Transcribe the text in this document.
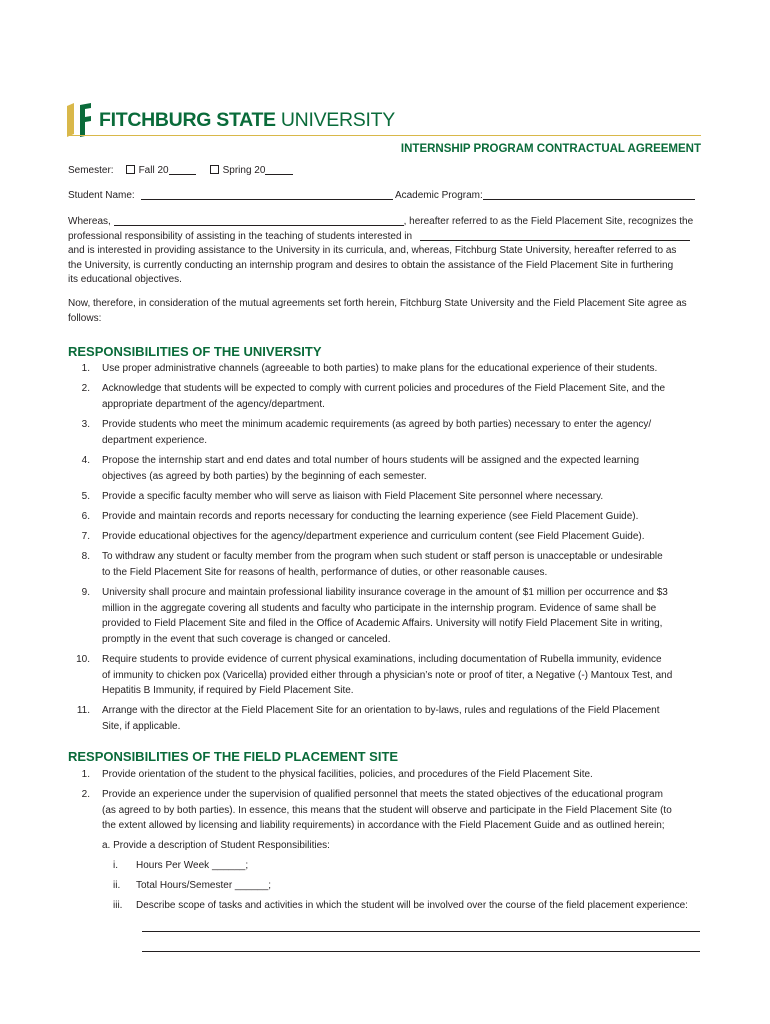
FITCHBURG STATE UNIVERSITY
INTERNSHIP PROGRAM CONTRACTUAL AGREEMENT
Semester:	Fall 20	Spring 20
Student Name:	Academic Program:
Whereas,	, hereafter referred to as the Field Placement Site, recognizes the
professional responsibility of assisting in the teaching of students interested in
and is interested in providing assistance to the University in its curricula, and, whereas, Fitchburg State University, hereafter referred to as
the University, is currently conducting an internship program and desires to obtain the assistance of the Field Placement Site in furthering
its educational objectives.
Now, therefore, in consideration of the mutual agreements set forth herein, Fitchburg State University and the Field Placement Site agree as
follows:
RESPONSIBILITIES OF THE UNIVERSITY
1. Use proper administrative channels (agreeable to both parties) to make plans for the educational experience of their students.
2. Acknowledge that students will be expected to comply with current policies and procedures of the Field Placement Site, and the
appropriate department of the agency/department.
3. Provide students who meet the minimum academic requirements (as agreed by both parties) necessary to enter the agency/
department experience.
4. Propose the internship start and end dates and total number of hours students will be assigned and the expected learning
objectives (as agreed by both parties) by the beginning of each semester.
5. Provide a specific faculty member who will serve as liaison with Field Placement Site personnel where necessary.
6. Provide and maintain records and reports necessary for conducting the learning experience (see Field Placement Guide).
7. Provide educational objectives for the agency/department experience and curriculum content (see Field Placement Guide).
8. To withdraw any student or faculty member from the program when such student or staff person is unacceptable or undesirable
to the Field Placement Site for reasons of health, performance of duties, or other reasonable causes.
9. University shall procure and maintain professional liability insurance coverage in the amount of $1 million per occurrence and $3
million in the aggregate covering all students and faculty who participate in the internship program. Evidence of same shall be
provided to Field Placement Site and filed in the Office of Academic Affairs. University will notify Field Placement Site in writing,
promptly in the event that such coverage is changed or canceled.
10. Require students to provide evidence of current physical examinations, including documentation of Rubella immunity, evidence
of immunity to chicken pox (Varicella) provided either through a physician’s note or proof of titer, a Negative (-) Mantoux Test, and
Hepatitis B Immunity, if required by Field Placement Site.
11. Arrange with the director at the Field Placement Site for an orientation to by-laws, rules and regulations of the Field Placement
Site, if applicable.
RESPONSIBILITIES OF THE FIELD PLACEMENT SITE
1. Provide orientation of the student to the physical facilities, policies, and procedures of the Field Placement Site.
2. Provide an experience under the supervision of qualified personnel that meets the stated objectives of the educational program
(as agreed to by both parties). In essence, this means that the student will observe and participate in the Field Placement Site (to
the extent allowed by licensing and liability requirements) in accordance with the Field Placement Guide and as outlined herein;
a. Provide a description of Student Responsibilities:
i. Hours Per Week ______;
ii. Total Hours/Semester ______;
iii. Describe scope of tasks and activities in which the student will be involved over the course of the field placement experience:
